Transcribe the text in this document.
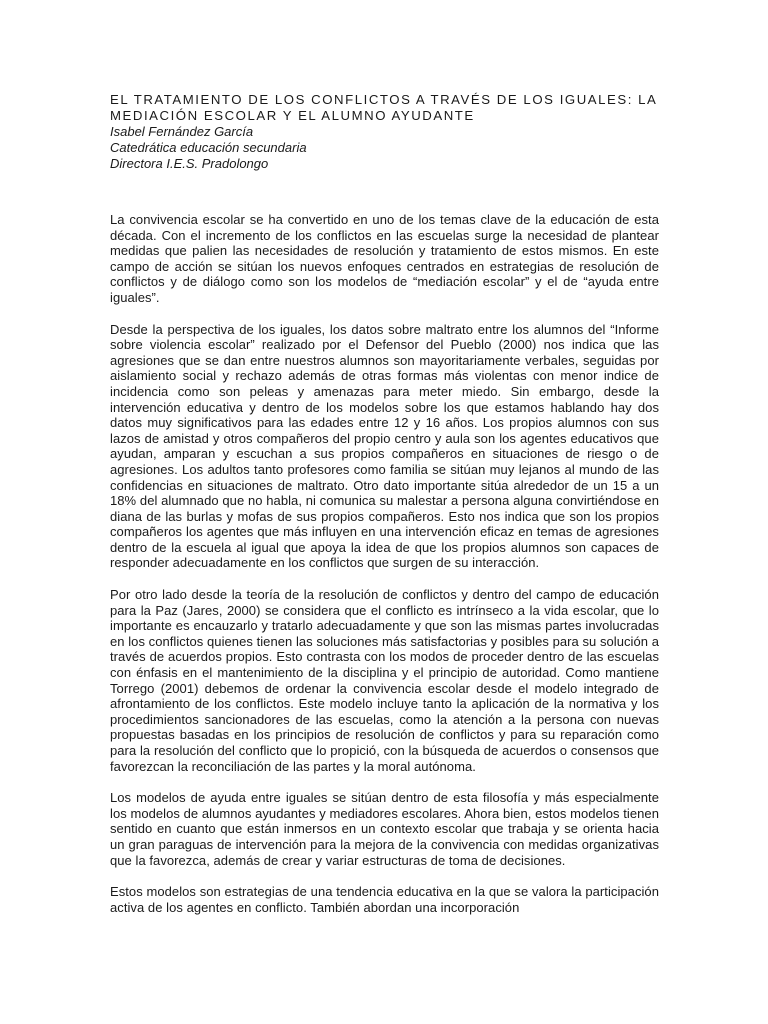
EL TRATAMIENTO DE LOS CONFLICTOS A TRAVÉS DE LOS IGUALES: LA MEDIACIÓN ESCOLAR Y EL ALUMNO AYUDANTE

Isabel Fernández García

Catedrática educación secundaria

Directora I.E.S. Pradolongo

La convivencia escolar se ha convertido en uno de los temas clave de la educación de esta década. Con el incremento de los conflictos en las escuelas surge la necesidad de plantear medidas que palien las necesidades de resolución y tratamiento de estos mismos. En este campo de acción se sitúan los nuevos enfoques centrados en estrategias de resolución de conflictos y de diálogo como son los modelos de “mediación escolar” y el de “ayuda entre iguales”.

Desde la perspectiva de los iguales, los datos sobre maltrato entre los alumnos del “Informe sobre violencia escolar” realizado por el Defensor del Pueblo (2000) nos indica que las agresiones que se dan entre nuestros alumnos son mayoritariamente verbales, seguidas por aislamiento social y rechazo además de otras formas más violentas con menor indice de incidencia como son peleas y amenazas para meter miedo. Sin embargo, desde la intervención educativa y dentro de los modelos sobre los que estamos hablando hay dos datos muy significativos para las edades entre 12 y 16 años. Los propios alumnos con sus lazos de amistad y otros compañeros del propio centro y aula son los agentes educativos que ayudan, amparan y escuchan a sus propios compañeros en situaciones de riesgo o de agresiones. Los adultos tanto profesores como familia se sitúan muy lejanos al mundo de las confidencias en situaciones de maltrato. Otro dato importante sitúa alrededor de un 15 a un 18% del alumnado que no habla, ni comunica su malestar a persona alguna convirtiéndose en diana de las burlas y mofas de sus propios compañeros. Esto nos indica que son los propios compañeros los agentes que más influyen en una intervención eficaz en temas de agresiones dentro de la escuela al igual que apoya la idea de que los propios alumnos son capaces de responder adecuadamente en los conflictos que surgen de su interacción.

Por otro lado desde la teoría de la resolución de conflictos y dentro del campo de educación para la Paz (Jares, 2000) se considera que el conflicto es intrínseco a la vida escolar, que lo importante es encauzarlo y tratarlo adecuadamente y que son las mismas partes involucradas en los conflictos quienes tienen las soluciones más satisfactorias y posibles para su solución a través de acuerdos propios. Esto contrasta con los modos de proceder dentro de las escuelas con énfasis en el mantenimiento de la disciplina y el principio de autoridad. Como mantiene Torrego (2001) debemos de ordenar la convivencia escolar desde el modelo integrado de afrontamiento de los conflictos. Este modelo incluye tanto la aplicación de la normativa y los procedimientos sancionadores de las escuelas, como la atención a la persona con nuevas propuestas basadas en los principios de resolución de conflictos y para su reparación como para la resolución del conflicto que lo propició, con la búsqueda de acuerdos o consensos que favorezcan la reconciliación de las partes y la moral autónoma.

Los modelos de ayuda entre iguales se sitúan dentro de esta filosofía y más especialmente los modelos de alumnos ayudantes y mediadores escolares. Ahora bien, estos modelos tienen sentido en cuanto que están inmersos en un contexto escolar que trabaja y se orienta hacia un gran paraguas de intervención para la mejora de la convivencia con medidas organizativas que la favorezca, además de crear y variar estructuras de toma de decisiones.

Estos modelos son estrategias de una tendencia educativa en la que se valora la participación activa de los agentes en conflicto. También abordan una incorporación
